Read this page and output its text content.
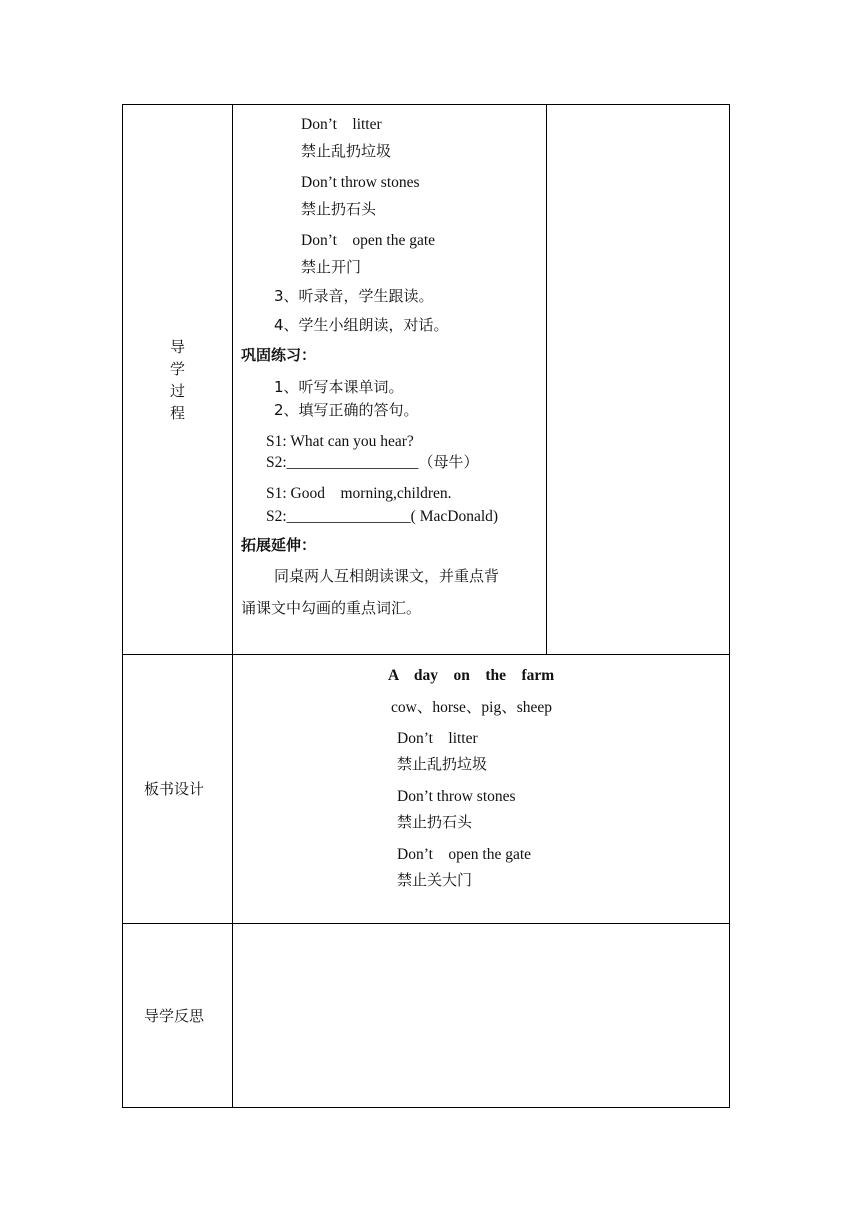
导
学
过
程
Don’t　litter
禁止乱扔垃圾
Don’t throw stones
禁止扔石头
Don’t　open the gate
禁止开门
3、听录音，学生跟读。
4、学生小组朗读，对话。
巩固练习：
1、听写本课单词。
2、填写正确的答句。
S1: What can you hear?
S2:_________________（母牛）
S1: Good　morning,children.
S2:________________( MacDonald)
拓展延伸：
同桌两人互相朗读课文，并重点背
诵课文中勾画的重点词汇。
板书设计
A　day　on　the　farm
cow、horse、pig、sheep
Don’t　litter
禁止乱扔垃圾
Don’t throw stones
禁止扔石头
Don’t　open the gate
禁止关大门
导学反思
